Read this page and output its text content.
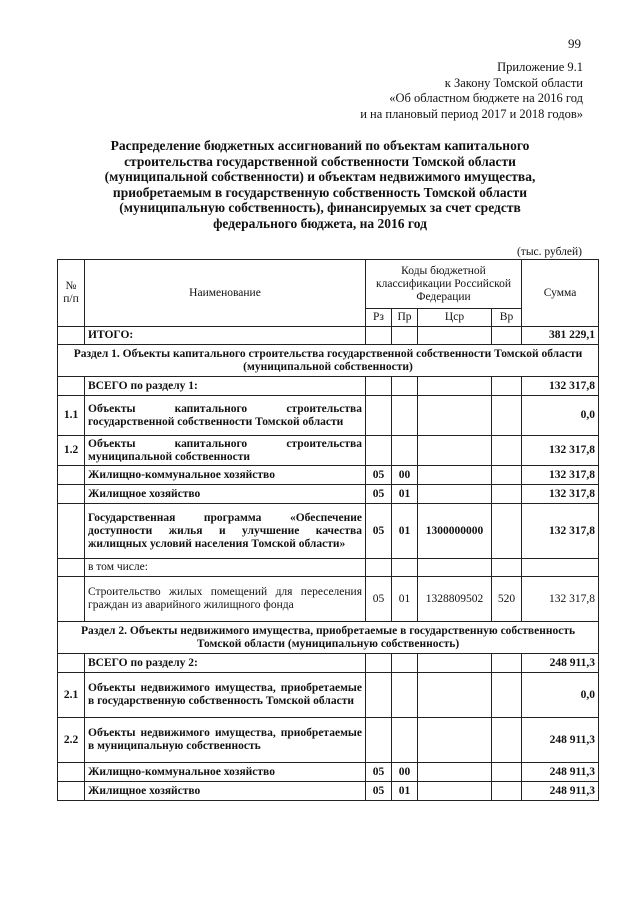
99
Приложение 9.1
к Закону Томской области
«Об областном бюджете на 2016 год
и на плановый период 2017 и 2018 годов»
Распределение бюджетных ассигнований по объектам капитального строительства государственной собственности Томской области (муниципальной собственности) и объектам недвижимого имущества, приобретаемым в государственную собственность Томской области (муниципальную собственность), финансируемых за счет средств федерального бюджета, на 2016 год
(тыс. рублей)
№ п/п	Наименование	Коды бюджетной классификации Российской Федерации				Сумма
		Рз	Пр	Цср	Вр	
	ИТОГО:					381 229,1
Раздел 1. Объекты капитального строительства государственной собственности Томской области (муниципальной собственности)						
	ВСЕГО по разделу 1:					132 317,8
1.1	Объекты капитального строительства государственной собственности Томской области					0,0
1.2	Объекты капитального строительства муниципальной собственности					132 317,8
	Жилищно-коммунальное хозяйство	05	00			132 317,8
	Жилищное хозяйство	05	01			132 317,8
	Государственная программа «Обеспечение доступности жилья и улучшение качества жилищных условий населения Томской области»	05	01	1300000000		132 317,8
	в том числе:					
	Строительство жилых помещений для переселения граждан из аварийного жилищного фонда	05	01	1328809502	520	132 317,8
Раздел 2. Объекты недвижимого имущества, приобретаемые в государственную собственность Томской области (муниципальную собственность)						
	ВСЕГО по разделу 2:					248 911,3
2.1	Объекты недвижимого имущества, приобретаемые в государственную собственность Томской области					0,0
2.2	Объекты недвижимого имущества, приобретаемые в муниципальную собственность					248 911,3
	Жилищно-коммунальное хозяйство	05	00			248 911,3
	Жилищное хозяйство	05	01			248 911,3
